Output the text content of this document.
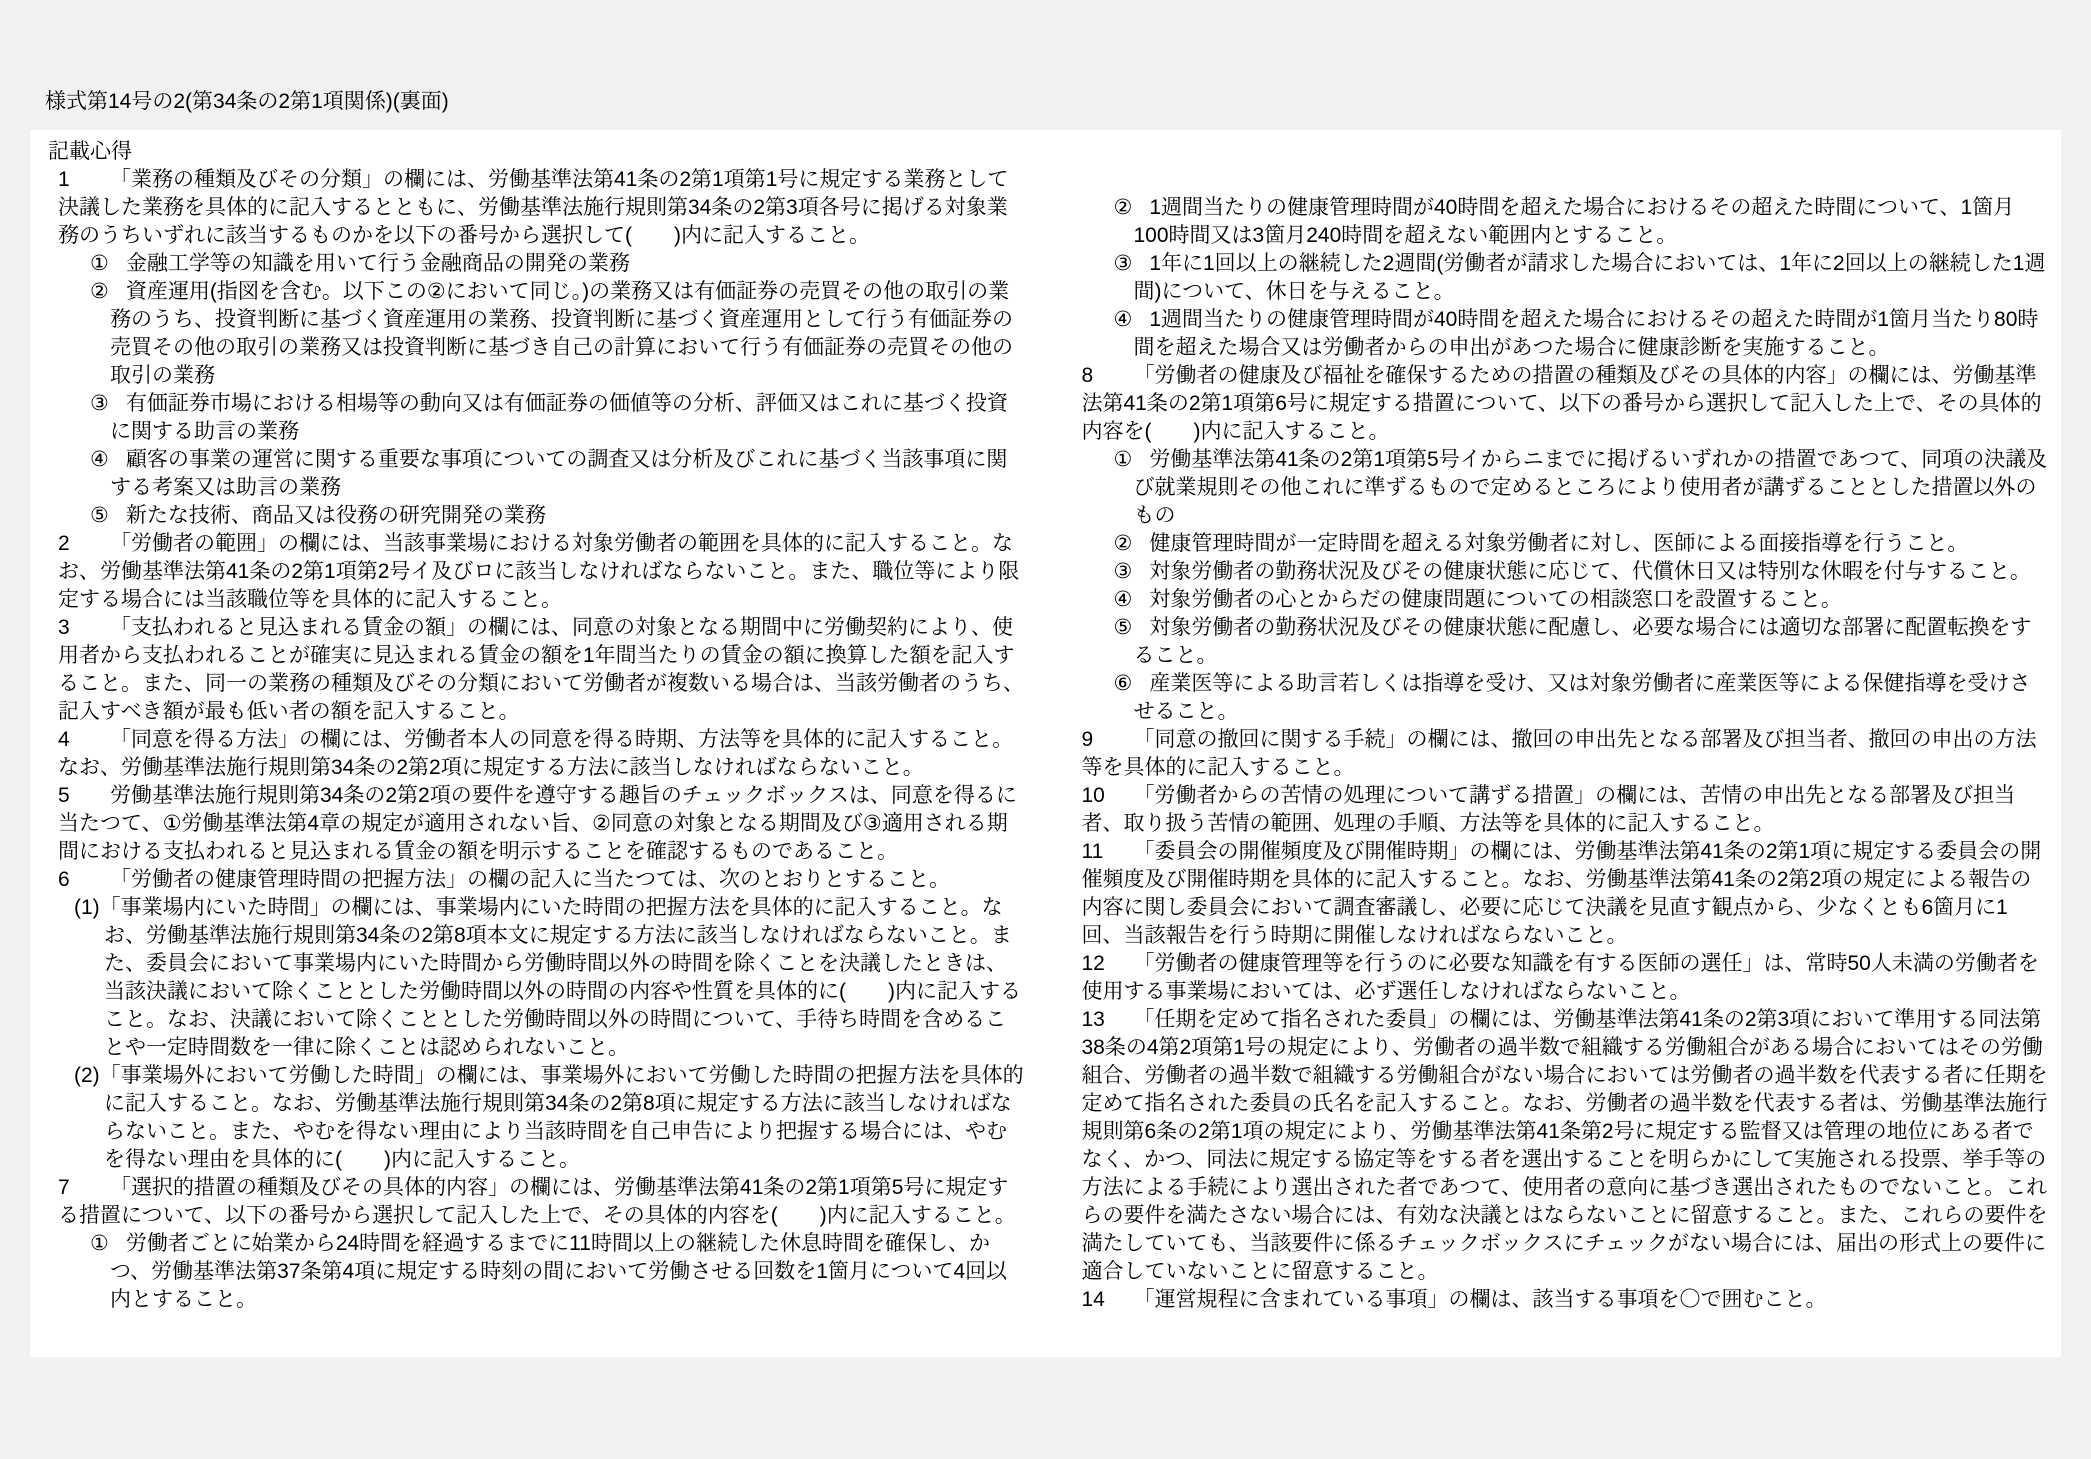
様式第14号の2(第34条の2第1項関係)(裏面)
記載心得

1 「業務の種類及びその分類」の欄には、労働基準法第41条の2第1項第1号に規定する業務として決議した業務を具体的に記入するとともに、労働基準法施行規則第34条の2第3項各号に掲げる対象業務のうちいずれに該当するものかを以下の番号から選択して(　　)内に記入すること。

① 金融工学等の知識を用いて行う金融商品の開発の業務

② 資産運用(指図を含む。以下この②において同じ。)の業務又は有価証券の売買その他の取引の業務のうち、投資判断に基づく資産運用の業務、投資判断に基づく資産運用として行う有価証券の売買その他の取引の業務又は投資判断に基づき自己の計算において行う有価証券の売買その他の取引の業務

③ 有価証券市場における相場等の動向又は有価証券の価値等の分析、評価又はこれに基づく投資に関する助言の業務

④ 顧客の事業の運営に関する重要な事項についての調査又は分析及びこれに基づく当該事項に関する考案又は助言の業務

⑤ 新たな技術、商品又は役務の研究開発の業務

2 「労働者の範囲」の欄には、当該事業場における対象労働者の範囲を具体的に記入すること。なお、労働基準法第41条の2第1項第2号イ及びロに該当しなければならないこと。また、職位等により限定する場合には当該職位等を具体的に記入すること。

3 「支払われると見込まれる賃金の額」の欄には、同意の対象となる期間中に労働契約により、使用者から支払われることが確実に見込まれる賃金の額を1年間当たりの賃金の額に換算した額を記入すること。また、同一の業務の種類及びその分類において労働者が複数いる場合は、当該労働者のうち、記入すべき額が最も低い者の額を記入すること。

4 「同意を得る方法」の欄には、労働者本人の同意を得る時期、方法等を具体的に記入すること。なお、労働基準法施行規則第34条の2第2項に規定する方法に該当しなければならないこと。

5 労働基準法施行規則第34条の2第2項の要件を遵守する趣旨のチェックボックスは、同意を得るに当たつて、①労働基準法第4章の規定が適用されない旨、②同意の対象となる期間及び③適用される期間における支払われると見込まれる賃金の額を明示することを確認するものであること。

6 「労働者の健康管理時間の把握方法」の欄の記入に当たつては、次のとおりとすること。

(1)「事業場内にいた時間」の欄には、事業場内にいた時間の把握方法を具体的に記入すること。なお、労働基準法施行規則第34条の2第8項本文に規定する方法に該当しなければならないこと。また、委員会において事業場内にいた時間から労働時間以外の時間を除くことを決議したときは、当該決議において除くこととした労働時間以外の時間の内容や性質を具体的に(　　)内に記入すること。なお、決議において除くこととした労働時間以外の時間について、手待ち時間を含めることや一定時間数を一律に除くことは認められないこと。

(2)「事業場外において労働した時間」の欄には、事業場外において労働した時間の把握方法を具体的に記入すること。なお、労働基準法施行規則第34条の2第8項に規定する方法に該当しなければならないこと。また、やむを得ない理由により当該時間を自己申告により把握する場合には、やむを得ない理由を具体的に(　　)内に記入すること。

7 「選択的措置の種類及びその具体的内容」の欄には、労働基準法第41条の2第1項第5号に規定する措置について、以下の番号から選択して記入した上で、その具体的内容を(　　)内に記入すること。

① 労働者ごとに始業から24時間を経過するまでに11時間以上の継続した休息時間を確保し、かつ、労働基準法第37条第4項に規定する時刻の間において労働させる回数を1箇月について4回以内とすること。

② 1週間当たりの健康管理時間が40時間を超えた場合におけるその超えた時間について、1箇月100時間又は3箇月240時間を超えない範囲内とすること。

③ 1年に1回以上の継続した2週間(労働者が請求した場合においては、1年に2回以上の継続した1週間)について、休日を与えること。

④ 1週間当たりの健康管理時間が40時間を超えた場合におけるその超えた時間が1箇月当たり80時間を超えた場合又は労働者からの申出があつた場合に健康診断を実施すること。

8 「労働者の健康及び福祉を確保するための措置の種類及びその具体的内容」の欄には、労働基準法第41条の2第1項第6号に規定する措置について、以下の番号から選択して記入した上で、その具体的内容を(　　)内に記入すること。

① 労働基準法第41条の2第1項第5号イからニまでに掲げるいずれかの措置であつて、同項の決議及び就業規則その他これに準ずるもので定めるところにより使用者が講ずることとした措置以外のもの

② 健康管理時間が一定時間を超える対象労働者に対し、医師による面接指導を行うこと。

③ 対象労働者の勤務状況及びその健康状態に応じて、代償休日又は特別な休暇を付与すること。

④ 対象労働者の心とからだの健康問題についての相談窓口を設置すること。

⑤ 対象労働者の勤務状況及びその健康状態に配慮し、必要な場合には適切な部署に配置転換をすること。

⑥ 産業医等による助言若しくは指導を受け、又は対象労働者に産業医等による保健指導を受けさせること。

9 「同意の撤回に関する手続」の欄には、撤回の申出先となる部署及び担当者、撤回の申出の方法等を具体的に記入すること。

10 「労働者からの苦情の処理について講ずる措置」の欄には、苦情の申出先となる部署及び担当者、取り扱う苦情の範囲、処理の手順、方法等を具体的に記入すること。

11 「委員会の開催頻度及び開催時期」の欄には、労働基準法第41条の2第1項に規定する委員会の開催頻度及び開催時期を具体的に記入すること。なお、労働基準法第41条の2第2項の規定による報告の内容に関し委員会において調査審議し、必要に応じて決議を見直す観点から、少なくとも6箇月に1回、当該報告を行う時期に開催しなければならないこと。

12 「労働者の健康管理等を行うのに必要な知識を有する医師の選任」は、常時50人未満の労働者を使用する事業場においては、必ず選任しなければならないこと。

13 「任期を定めて指名された委員」の欄には、労働基準法第41条の2第3項において準用する同法第38条の4第2項第1号の規定により、労働者の過半数で組織する労働組合がある場合においてはその労働組合、労働者の過半数で組織する労働組合がない場合においては労働者の過半数を代表する者に任期を定めて指名された委員の氏名を記入すること。なお、労働者の過半数を代表する者は、労働基準法施行規則第6条の2第1項の規定により、労働基準法第41条第2号に規定する監督又は管理の地位にある者でなく、かつ、同法に規定する協定等をする者を選出することを明らかにして実施される投票、挙手等の方法による手続により選出された者であつて、使用者の意向に基づき選出されたものでないこと。これらの要件を満たさない場合には、有効な決議とはならないことに留意すること。また、これらの要件を満たしていても、当該要件に係るチェックボックスにチェックがない場合には、届出の形式上の要件に適合していないことに留意すること。

14 「運営規程に含まれている事項」の欄は、該当する事項を〇で囲むこと。
